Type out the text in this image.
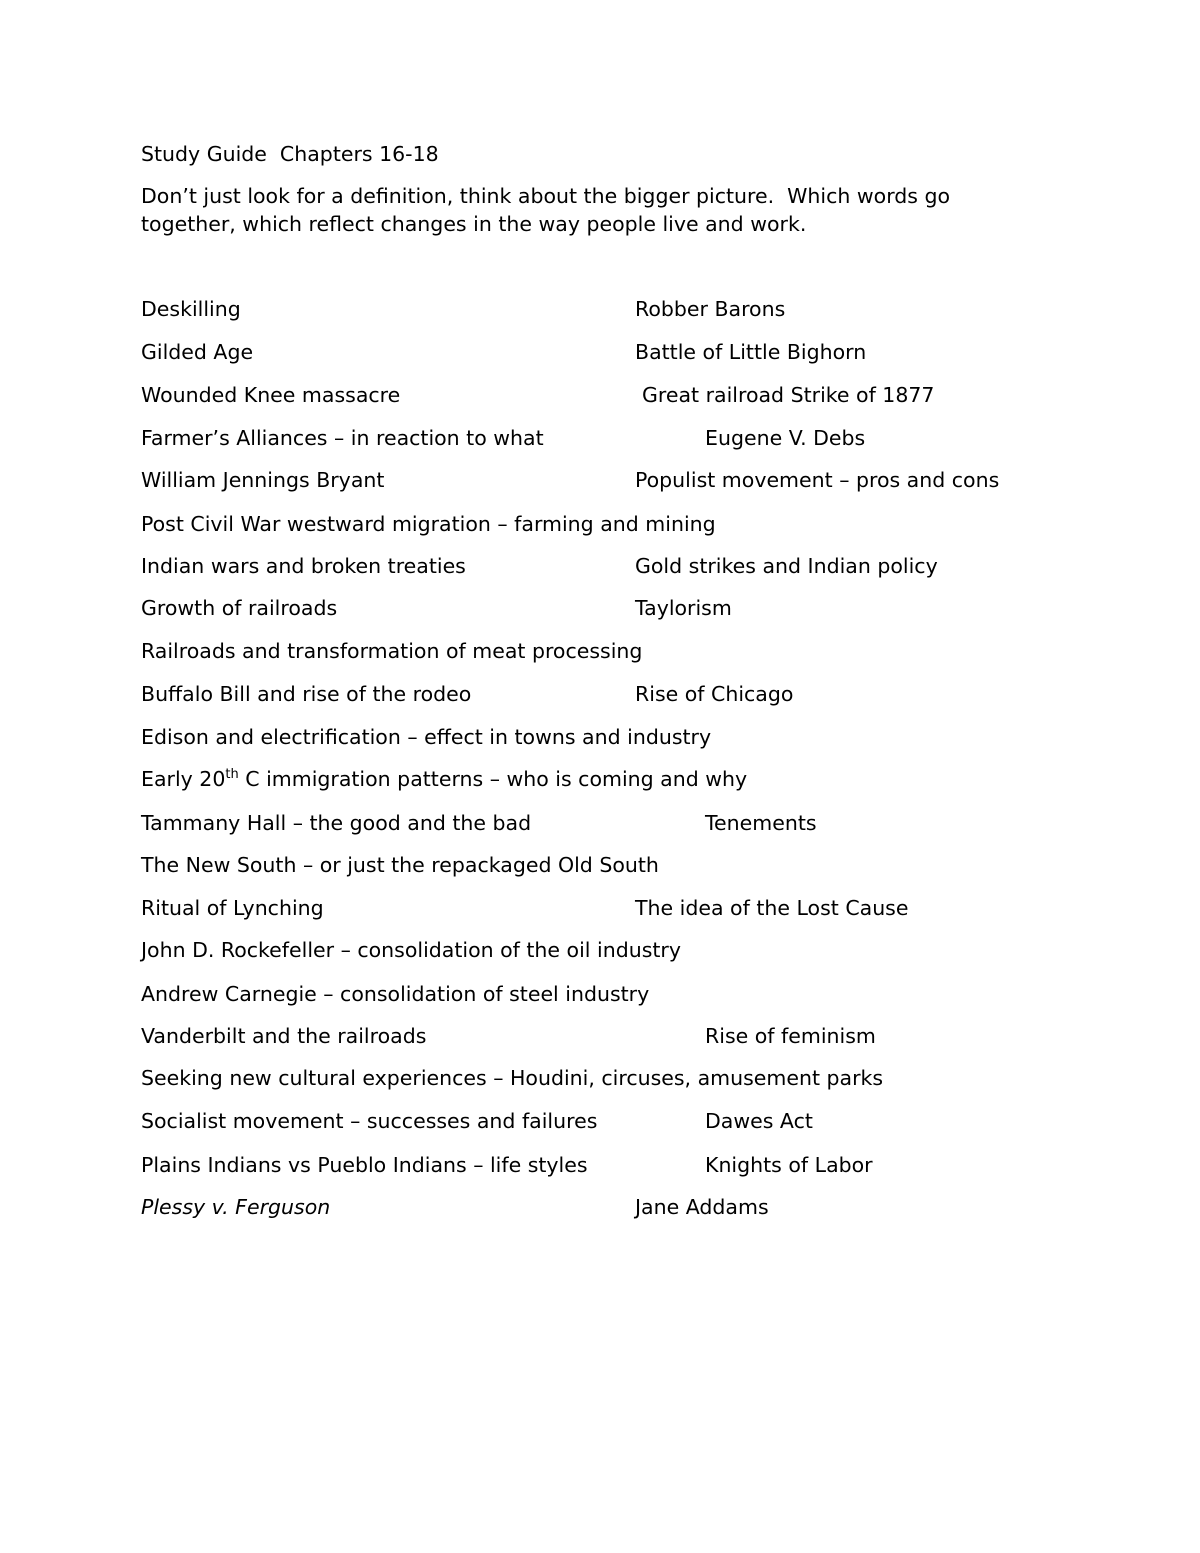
Study Guide  Chapters 16-18
Don’t just look for a definition, think about the bigger picture.  Which words go
together, which reflect changes in the way people live and work.
Deskilling	Robber Barons
Gilded Age	Battle of Little Bighorn
Wounded Knee massacre	Great railroad Strike of 1877
Farmer’s Alliances – in reaction to what	Eugene V. Debs
William Jennings Bryant	Populist movement – pros and cons
Post Civil War westward migration – farming and mining
Indian wars and broken treaties	Gold strikes and Indian policy
Growth of railroads	Taylorism
Railroads and transformation of meat processing
Buffalo Bill and rise of the rodeo	Rise of Chicago
Edison and electrification – effect in towns and industry
Early 20th C immigration patterns – who is coming and why
Tammany Hall – the good and the bad	Tenements
The New South – or just the repackaged Old South
Ritual of Lynching	The idea of the Lost Cause
John D. Rockefeller – consolidation of the oil industry
Andrew Carnegie – consolidation of steel industry
Vanderbilt and the railroads	Rise of feminism
Seeking new cultural experiences – Houdini, circuses, amusement parks
Socialist movement – successes and failures	Dawes Act
Plains Indians vs Pueblo Indians – life styles	Knights of Labor
Plessy v. Ferguson	Jane Addams
